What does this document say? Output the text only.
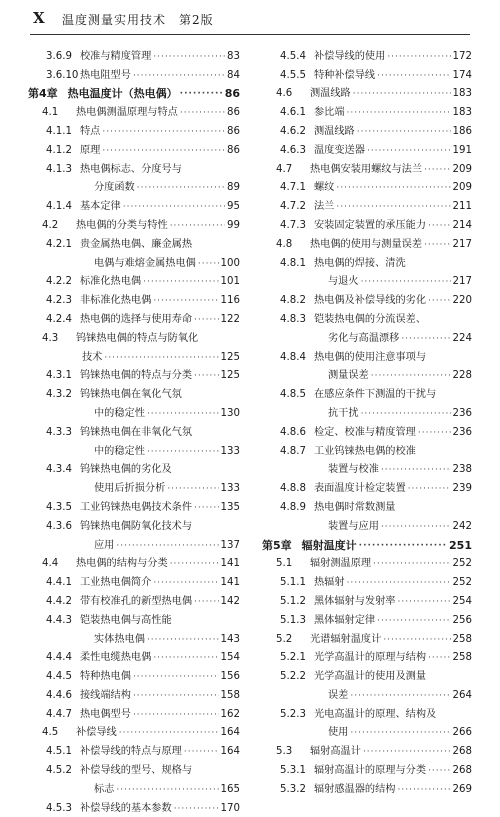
X 温度测量实用技术　第2版
3.6.9 校准与精度管理 ·····	83
3.6.10 热电阻型号 ·····	84
第4章 热电温度计（热电偶） ·····	86
4.1	热电偶测温原理与特点 ·····	86
4.1.1 特点 ·····	86
4.1.2 原理 ·····	86
4.1.3 热电偶标志、分度号与
分度函数 ·····	89
4.1.4 基本定律 ·····	95
4.2	热电偶的分类与特性 ·····	99
4.2.1 贵金属热电偶、廉金属热
电偶与难熔金属热电偶 ····· 100
4.2.2 标准化热电偶 ·····	101
4.2.3 非标准化热电偶 ·····	116
4.2.4 热电偶的选择与使用寿命 ·····	122
4.3	钨铼热电偶的特点与防氧化
技术 ·····	125
4.3.1 钨铼热电偶的特点与分类 ·····	125
4.3.2 钨铼热电偶在氧化气氛
中的稳定性 ·····	130
4.3.3 钨铼热电偶在非氧化气氛
中的稳定性 ·····	133
4.3.4 钨铼热电偶的劣化及
使用后折损分析 ·····	133
4.3.5 工业钨铼热电偶技术条件 ·····	135
4.3.6 钨铼热电偶防氧化技术与
应用 ·····	137
4.4	热电偶的结构与分类 ·····	141
4.4.1 工业热电偶简介 ·····	141
4.4.2 带有校准孔的新型热电偶 ·····	142
4.4.3 铠装热电偶与高性能
实体热电偶 ·····	143
4.4.4 柔性电缆热电偶 ·····	154
4.4.5 特种热电偶 ·····	156
4.4.6 接线端结构 ·····	158
4.4.7 热电偶型号 ·····	162
4.5	补偿导线 ·····	164
4.5.1 补偿导线的特点与原理 ·····	164
4.5.2 补偿导线的型号、规格与
标志 ·····	165
4.5.3 补偿导线的基本参数 ·····	170
4.5.4 补偿导线的使用 ·····	172
4.5.5 特种补偿导线 ·····	174
4.6	测温线路 ·····	183
4.6.1 参比端 ·····	183
4.6.2 测温线路 ·····	186
4.6.3 温度变送器 ·····	191
4.7	热电偶安装用螺纹与法兰 ·····	209
4.7.1 螺纹 ·····	209
4.7.2 法兰 ·····	211
4.7.3 安装固定装置的承压能力 ·····	214
4.8	热电偶的使用与测量误差 ·····	217
4.8.1 热电偶的焊接、清洗
与退火 ·····	217
4.8.2 热电偶及补偿导线的劣化 ·····	220
4.8.3 铠装热电偶的分流误差、
劣化与高温漂移 ·····	224
4.8.4 热电偶的使用注意事项与
测量误差 ·····	228
4.8.5 在感应条件下测温的干扰与
抗干扰 ·····	236
4.8.6 检定、校准与精度管理 ·····	236
4.8.7 工业钨铼热电偶的校准
装置与校准 ·····	238
4.8.8 表面温度计检定装置 ·····	239
4.8.9 热电偶时常数测量
装置与应用 ·····	242
第5章 辐射温度计 ·····	251
5.1	辐射测温原理 ·····	252
5.1.1 热辐射 ·····	252
5.1.2 黑体辐射与发射率 ·····	254
5.1.3 黑体辐射定律 ·····	256
5.2	光谱辐射温度计 ·····	258
5.2.1 光学高温计的原理与结构 ·····	258
5.2.2 光学高温计的使用及测量
误差 ·····	264
5.2.3 光电高温计的原理、结构及
使用 ·····	266
5.3	辐射高温计 ·····	268
5.3.1 辐射高温计的原理与分类 ·····	268
5.3.2 辐射感温器的结构 ·····	269
